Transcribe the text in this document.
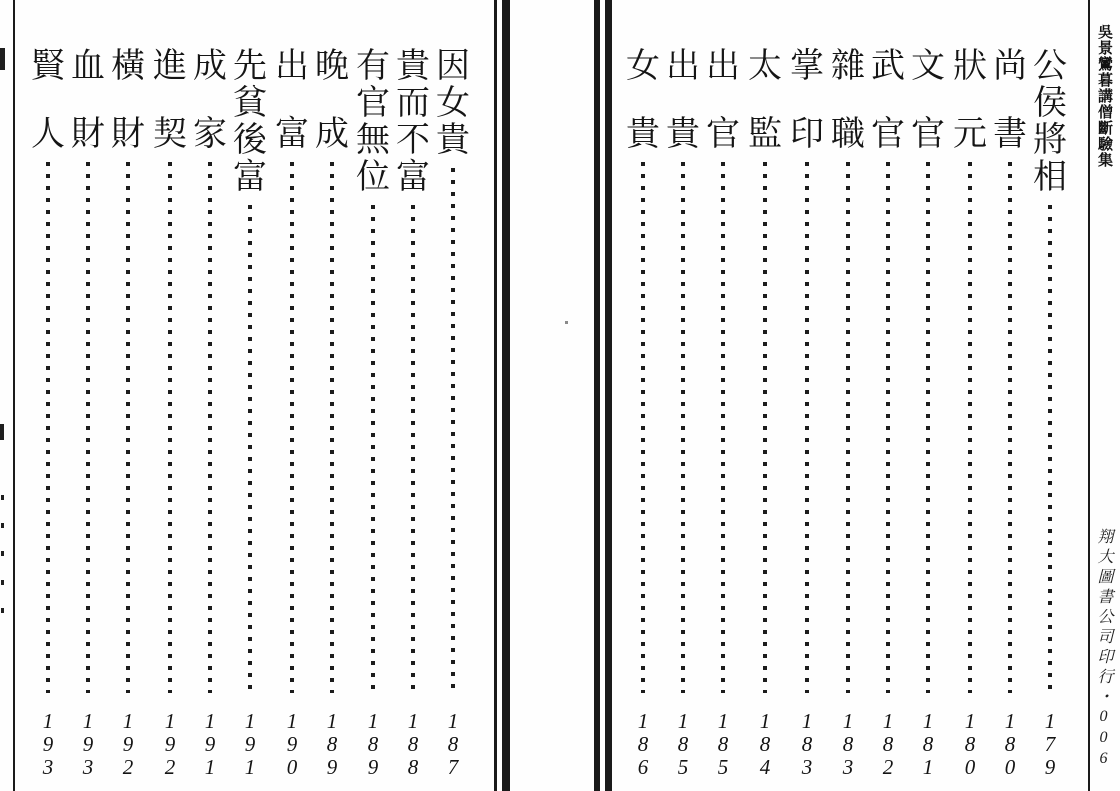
吳景鸞暮講僧斷驗集
翔大圖書公司印行・006
公
侯
將
相
1
7
9
尚
書
1
8
0
狀
元
1
8
0
文
官
1
8
1
武
官
1
8
2
雜
職
1
8
3
掌
印
1
8
3
太
監
1
8
4
出
官
1
8
5
出
貴
1
8
5
女
貴
1
8
6
因
女
貴
1
8
7
貴
而
不
富
1
8
8
有
官
無
位
1
8
9
晚
成
1
8
9
出
富
1
9
0
先
貧
後
富
1
9
1
成
家
1
9
1
進
契
1
9
2
橫
財
1
9
2
血
財
1
9
3
賢
人
1
9
3
